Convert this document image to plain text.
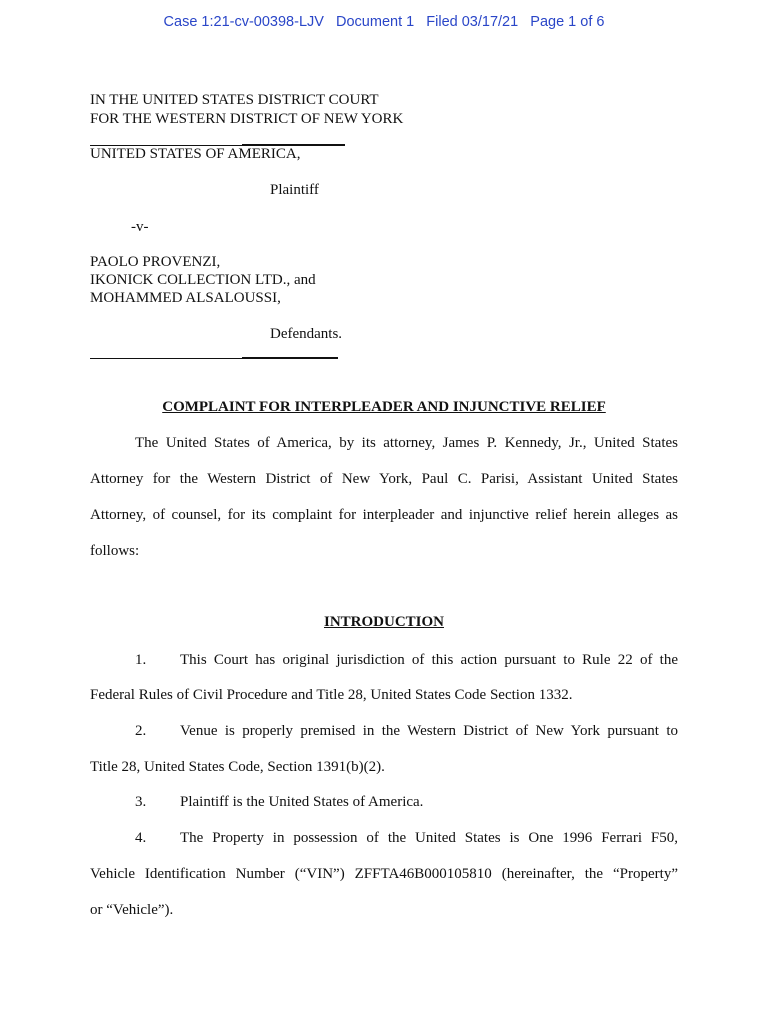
Case 1:21-cv-00398-LJV   Document 1   Filed 03/17/21   Page 1 of 6
IN THE UNITED STATES DISTRICT COURT
FOR THE WESTERN DISTRICT OF NEW YORK
UNITED STATES OF AMERICA,
Plaintiff
-v-
PAOLO PROVENZI,
IKONICK COLLECTION LTD., and
MOHAMMED ALSALOUSSI,
Defendants.
COMPLAINT FOR INTERPLEADER AND INJUNCTIVE RELIEF
The United States of America, by its attorney, James P. Kennedy, Jr., United States
Attorney for the Western District of New York, Paul C. Parisi, Assistant United States
Attorney, of counsel, for its complaint for interpleader and injunctive relief herein alleges as
follows:
INTRODUCTION
1. This Court has original jurisdiction of this action pursuant to Rule 22 of the
Federal Rules of Civil Procedure and Title 28, United States Code Section 1332.
2. Venue is properly premised in the Western District of New York pursuant to
Title 28, United States Code, Section 1391(b)(2).
3. Plaintiff is the United States of America.
4. The Property in possession of the United States is One 1996 Ferrari F50,
Vehicle Identification Number (“VIN”) ZFFTA46B000105810 (hereinafter, the “Property”
or “Vehicle”).
